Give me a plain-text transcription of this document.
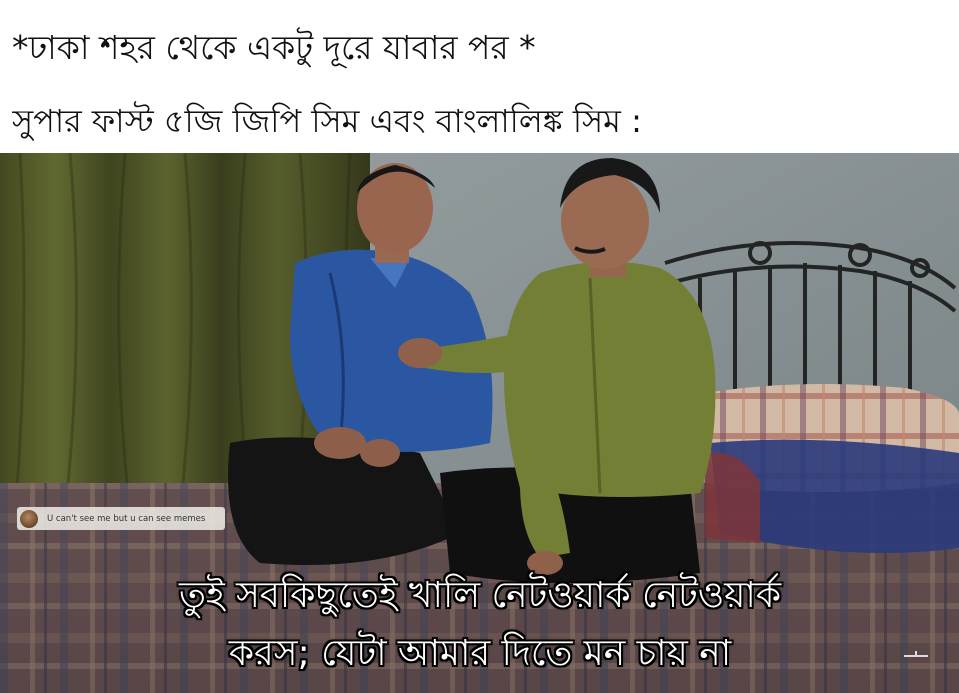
*ঢাকা শহর থেকে একটু দূরে যাবার পর *
সুপার ফাস্ট ৫জি জিপি সিম এবং বাংলালিঙ্ক সিম :
U can't see me but u can see memes
তুই সবকিছুতেই খালি নেটওয়ার্ক নেটওয়ার্ক
করস; যেটা আমার দিতে মন চায় না
